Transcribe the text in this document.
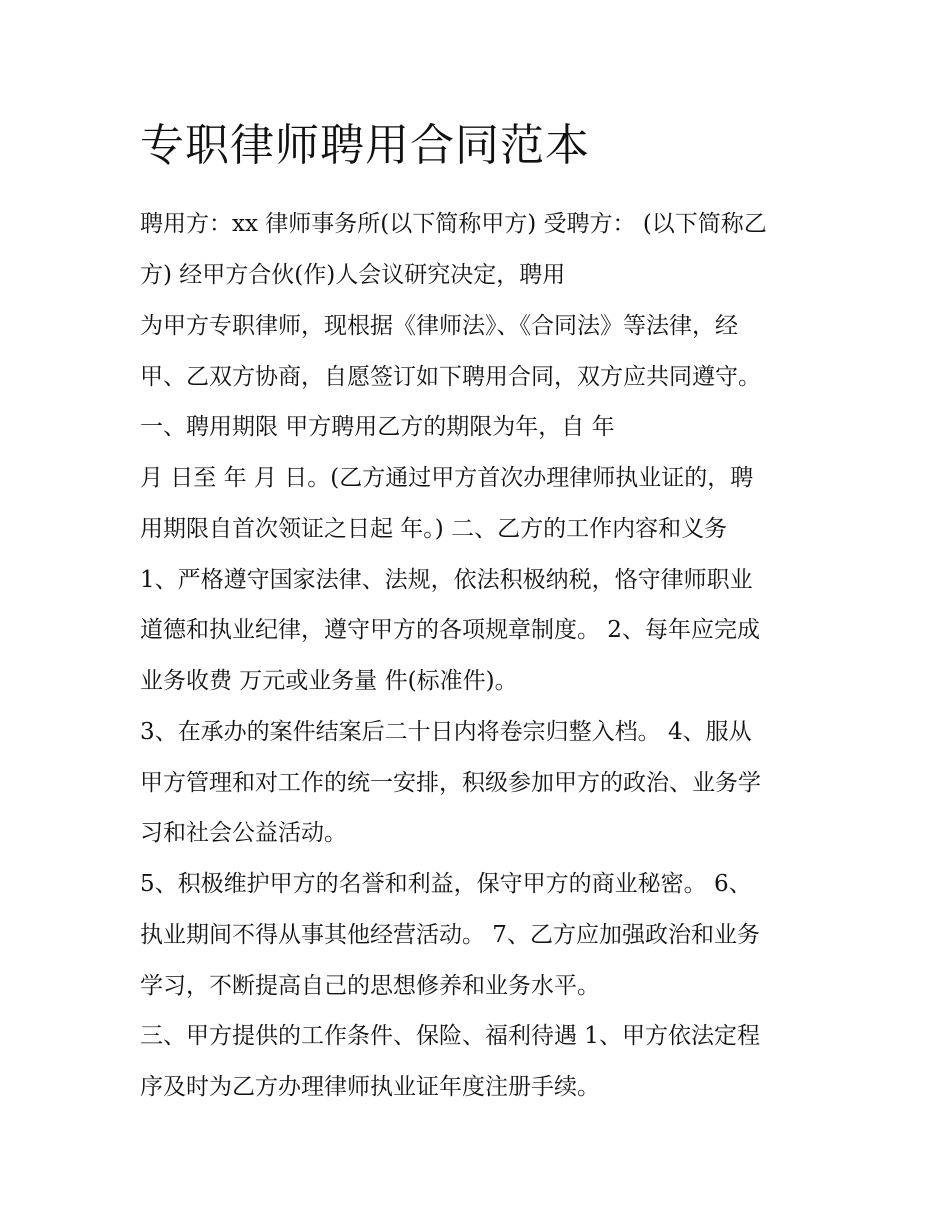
专职律师聘用合同范本

聘用方：xx 律师事务所(以下简称甲方) 受聘方： (以下简称乙

方) 经甲方合伙(作)人会议研究决定，聘用

为甲方专职律师，现根据《律师法》、《合同法》等法律，经

甲、乙双方协商，自愿签订如下聘用合同，双方应共同遵守。

一、聘用期限 甲方聘用乙方的期限为年，自 年

月 日至 年 月 日。(乙方通过甲方首次办理律师执业证的，聘

用期限自首次领证之日起 年。) 二、乙方的工作内容和义务

1、严格遵守国家法律、法规，依法积极纳税，恪守律师职业

道德和执业纪律，遵守甲方的各项规章制度。 2、每年应完成

业务收费 万元或业务量 件(标准件)。

3、在承办的案件结案后二十日内将卷宗归整入档。 4、服从

甲方管理和对工作的统一安排，积级参加甲方的政治、业务学

习和社会公益活动。

5、积极维护甲方的名誉和利益，保守甲方的商业秘密。 6、

执业期间不得从事其他经营活动。 7、乙方应加强政治和业务

学习，不断提高自己的思想修养和业务水平。

三、甲方提供的工作条件、保险、福利待遇 1、甲方依法定程

序及时为乙方办理律师执业证年度注册手续。
